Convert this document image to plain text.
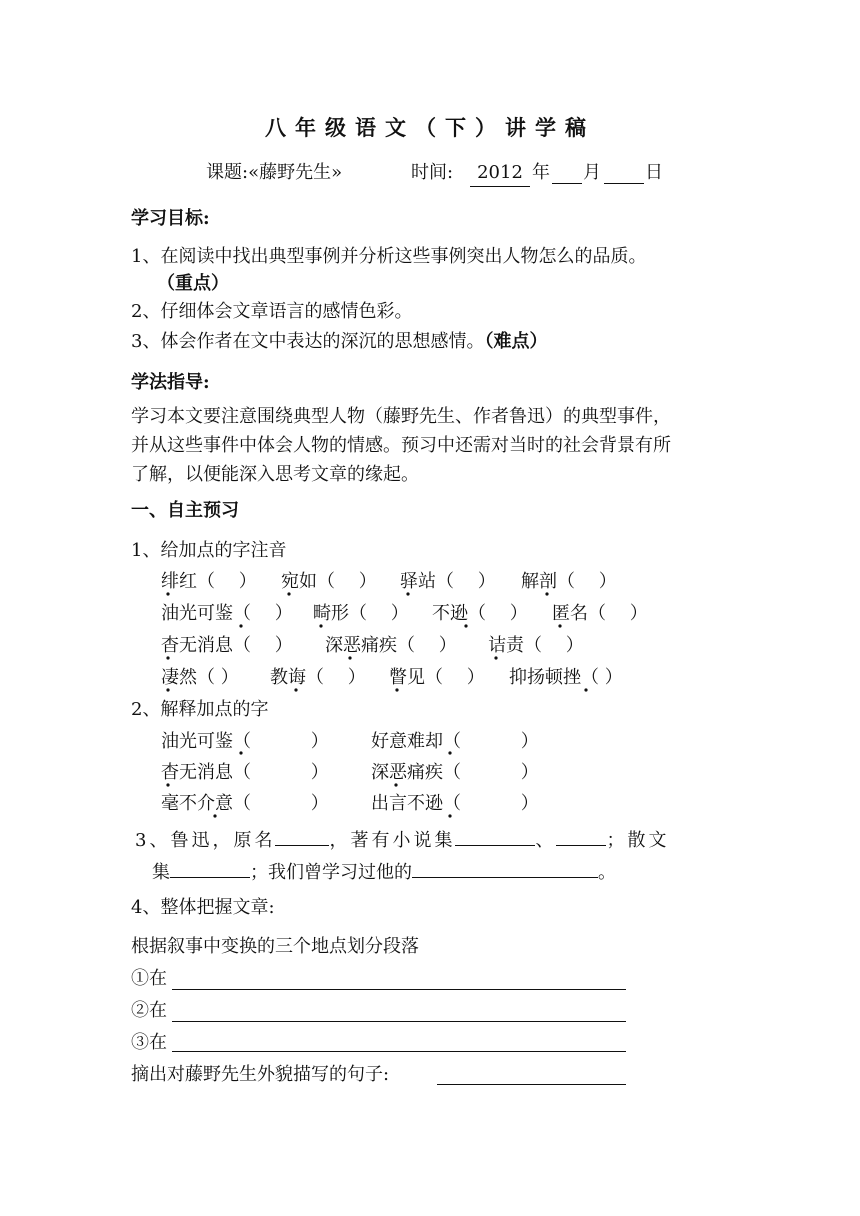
八年级语文（下）讲学稿
课题:«藤野先生»	时间:	2012 年 月 日
学习目标:
1、在阅读中找出典型事例并分析这些事例突出人物怎么的品质。
（重点）
2、仔细体会文章语言的感情色彩。
3、体会作者在文中表达的深沉的思想感情。（难点）
学法指导:
学习本文要注意围绕典型人物（藤野先生、作者鲁迅）的典型事件，
并从这些事件中体会人物的情感。预习中还需对当时的社会背景有所
了解，以便能深入思考文章的缘起。
一、自主预习
1、给加点的字注音
绯红（　 ） 宛如（　 ） 驿站（　 ） 解剖（　 ）
油光可鉴（　 ） 畸形（　 ） 不逊（　 ） 匿名（　 ）
杳无消息（　 ） 深恶痛疾（　 ） 诘责（　 ）
凄然（ ） 教诲（　 ） 瞥见（　 ） 抑扬顿挫（ ）
2、解释加点的字
油光可鉴（　　　 ） 好意难却（　　　 ）
杳无消息（　　　 ） 深恶痛疾（　　　 ）
毫不介意（　　　 ） 出言不逊（　　　 ）
3、鲁迅，原名	，著有小说集	、	；散文
集	；我们曾学习过他的	。
4、整体把握文章:
根据叙事中变换的三个地点划分段落
①在
②在
③在
摘出对藤野先生外貌描写的句子:
